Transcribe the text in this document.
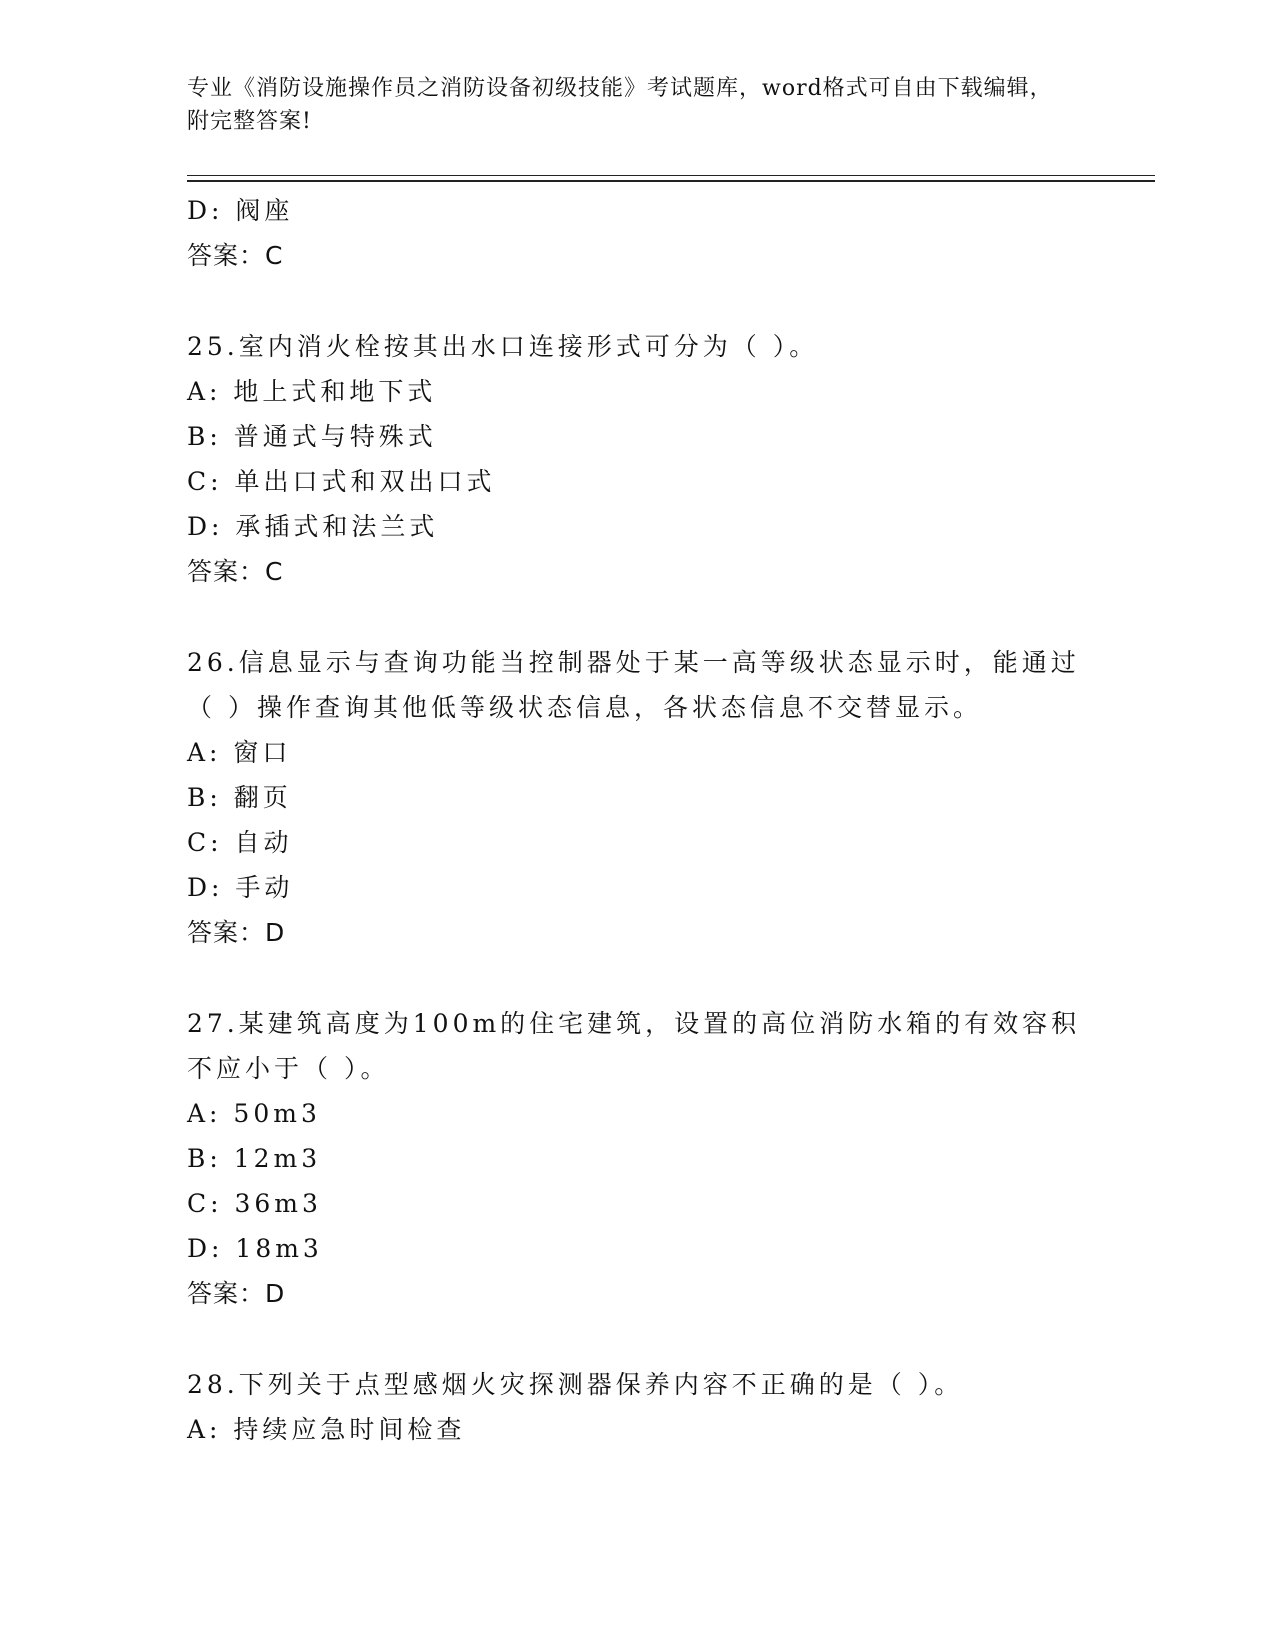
专业《消防设施操作员之消防设备初级技能》考试题库，word格式可自由下载编辑，附完整答案!
D: 阀座
答案：C
25.室内消火栓按其出水口连接形式可分为（ ）。
A: 地上式和地下式
B: 普通式与特殊式
C: 单出口式和双出口式
D: 承插式和法兰式
答案：C
26.信息显示与查询功能当控制器处于某一高等级状态显示时，能通过
（ ）操作查询其他低等级状态信息，各状态信息不交替显示。
A: 窗口
B: 翻页
C: 自动
D: 手动
答案：D
27.某建筑高度为100m的住宅建筑，设置的高位消防水箱的有效容积
不应小于（ ）。
A: 50m3
B: 12m3
C: 36m3
D: 18m3
答案：D
28.下列关于点型感烟火灾探测器保养内容不正确的是（ ）。
A: 持续应急时间检查
